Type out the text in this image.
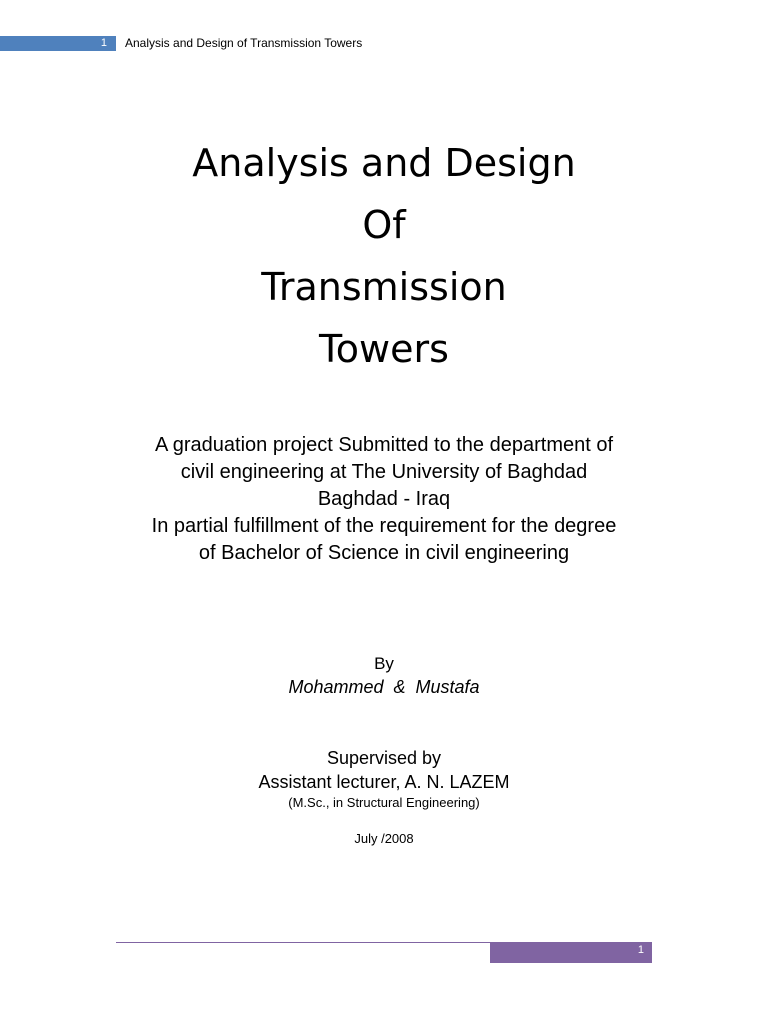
1	Analysis and Design of Transmission Towers
Analysis and Design
Of
Transmission
Towers
A graduation project Submitted to the department of
civil engineering at The University of Baghdad
Baghdad - Iraq
In partial fulfillment of the requirement for the degree
of Bachelor of Science in civil engineering
By
Mohammed  &  Mustafa
Supervised by
Assistant lecturer, A. N. LAZEM
(M.Sc., in Structural Engineering)
July /2008
1
